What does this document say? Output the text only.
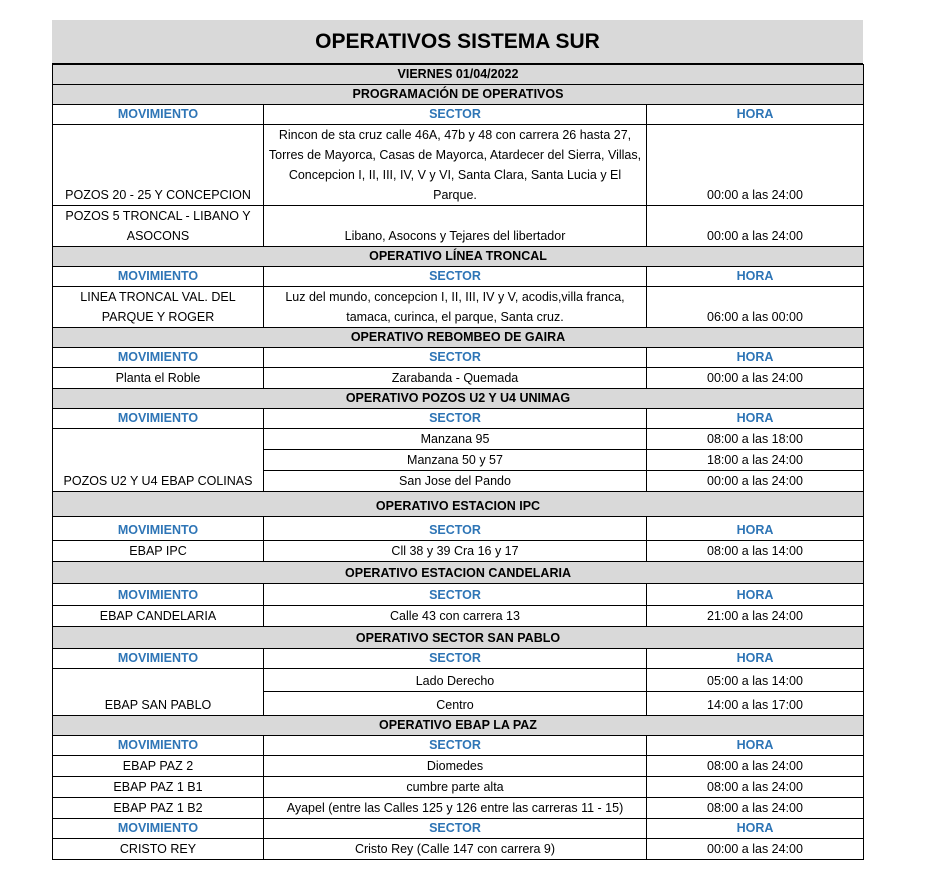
OPERATIVOS SISTEMA SUR
VIERNES 01/04/2022		
PROGRAMACIÓN DE OPERATIVOS		
MOVIMIENTO	SECTOR	HORA
POZOS 20 - 25 Y CONCEPCION	Rincon de sta cruz calle 46A, 47b y 48 con carrera 26 hasta 27, Torres de Mayorca, Casas de Mayorca, Atardecer del Sierra, Villas, Concepcion I, II, III, IV, V y VI, Santa Clara, Santa Lucia y El Parque.	00:00 a las 24:00
POZOS 5 TRONCAL - LIBANO Y ASOCONS	Libano, Asocons y Tejares del libertador	00:00 a las 24:00
OPERATIVO LÍNEA TRONCAL		
MOVIMIENTO	SECTOR	HORA
LINEA TRONCAL VAL. DEL PARQUE Y ROGER	Luz del mundo, concepcion I, II, III, IV y V, acodis,villa franca, tamaca, curinca, el parque, Santa cruz.	06:00 a las 00:00
OPERATIVO REBOMBEO DE GAIRA		
MOVIMIENTO	SECTOR	HORA
Planta el Roble	Zarabanda - Quemada	00:00 a las 24:00
OPERATIVO POZOS U2 Y U4 UNIMAG		
MOVIMIENTO	SECTOR	HORA
POZOS U2 Y U4 EBAP COLINAS	Manzana 95	08:00 a las 18:00
	Manzana 50 y 57	18:00 a las 24:00
	San Jose del Pando	00:00 a las 24:00
OPERATIVO ESTACION IPC		
MOVIMIENTO	SECTOR	HORA
EBAP IPC	Cll 38 y 39 Cra 16 y 17	08:00 a las 14:00
OPERATIVO ESTACION CANDELARIA		
MOVIMIENTO	SECTOR	HORA
EBAP CANDELARIA	Calle 43 con carrera 13	21:00 a las 24:00
OPERATIVO SECTOR SAN PABLO		
MOVIMIENTO	SECTOR	HORA
EBAP SAN PABLO	Lado Derecho	05:00 a las 14:00
	Centro	14:00 a las 17:00
OPERATIVO EBAP LA PAZ		
MOVIMIENTO	SECTOR	HORA
EBAP PAZ 2	Diomedes	08:00 a las 24:00
EBAP PAZ 1 B1	cumbre parte alta	08:00 a las 24:00
EBAP PAZ 1 B2	Ayapel (entre las Calles 125 y 126 entre las carreras 11 - 15)	08:00 a las 24:00
MOVIMIENTO	SECTOR	HORA
CRISTO REY	Cristo Rey (Calle 147 con carrera 9)	00:00 a las 24:00
